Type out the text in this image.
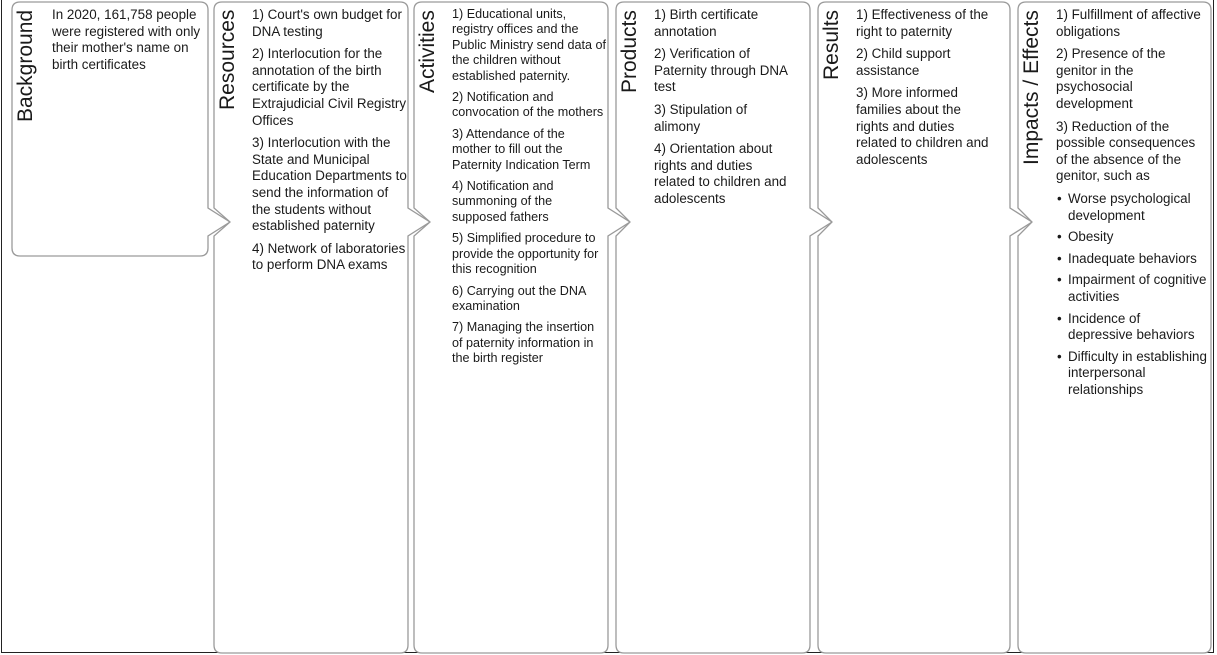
Background	In 2020, 161,758 people were registered with only their mother's name on birth certificates	Resources 1) Court's own budget for DNA testing
2) Interlocution for the annotation of the birth certificate by the Extrajudicial Civil Registry Offices
3) Interlocution with the State and Municipal Education Departments to send the information of the students without established paternity
4) Network of laboratories to perform DNA exams
Activities	1) Educational units, registry offices and the Public Ministry send data of the children without established paternity.
2) Notification and convocation of the mothers
3) Attendance of the mother to fill out the Paternity Indication Term
4) Notification and summoning of the supposed fathers
5) Simplified procedure to provide the opportunity for this recognition
6) Carrying out the DNA examination
7) Managing the insertion of paternity information in the birth register
Products 1) Birth certificate annotation
2) Verification of Paternity through DNA test
3) Stipulation of alimony
4) Orientation about rights and duties related to children and adolescents
Results 1) Effectiveness of the right to paternity
2) Child support assistance
3) More informed families about the rights and duties related to children and adolescents	Impacts / Effects 1) Fulfillment of affective obligations
2) Presence of the genitor in the psychosocial development
3) Reduction of the possible consequences of the absence of the genitor, such as
• Worse psychological development
• Obesity
• Inadequate behaviors
• Impairment of cognitive activities
• Incidence of depressive behaviors
• Difficulty in establishing interpersonal relationships
